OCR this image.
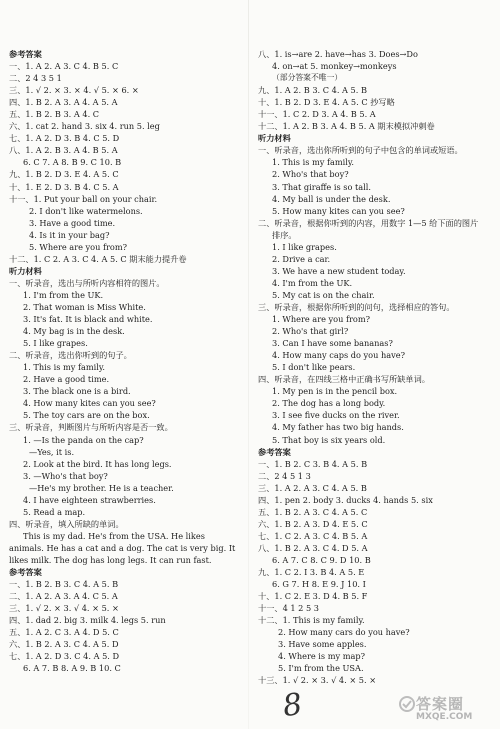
参考答案
一、1. A 2. A 3. C 4. B 5. C
二、2 4 3 5 1
三、1. √ 2. × 3. × 4. √ 5. × 6. ×
四、1. B 2. A 3. A 4. A 5. A
五、1. B 2. B 3. A 4. C
六、1. cat 2. hand 3. six 4. run 5. leg
七、1. A 2. D 3. B 4. C 5. D
八、1. A 2. B 3. A 4. B 5. A
6. C 7. A 8. B 9. C 10. B
九、1. B 2. D 3. E 4. A 5. C
十、1. E 2. D 3. B 4. C 5. A
十一、1. Put your ball on your chair.
2. I don't like watermelons.
3. Have a good time.
4. Is it in your bag?
5. Where are you from?
十二、1. C 2. A 3. C 4. A 5. C 期末能力提升卷
听力材料
一、听录音，选出与所听内容相符的图片。
1. I'm from the UK.
2. That woman is Miss White.
3. It's fat. It is black and white.
4. My bag is in the desk.
5. I like grapes.
二、听录音，选出你听到的句子。
1. This is my family.
2. Have a good time.
3. The black one is a bird.
4. How many kites can you see?
5. The toy cars are on the box.
三、听录音，判断图片与所听内容是否一致。
1. —Is the panda on the cap?
—Yes, it is.
2. Look at the bird. It has long legs.
3. —Who's that boy?
—He's my brother. He is a teacher.
4. I have eighteen strawberries.
5. Read a map.
四、听录音，填入所缺的单词。
This is my dad. He's from the USA. He likes
animals. He has a cat and a dog. The cat is very big. It
likes milk. The dog has long legs. It can run fast.
参考答案
一、1. B 2. B 3. C 4. A 5. B
二、1. A 2. A 3. A 4. C 5. A
三、1. √ 2. × 3. √ 4. × 5. ×
四、1. dad 2. big 3. milk 4. legs 5. run
五、1. A 2. C 3. A 4. D 5. C
六、1. B 2. A 3. C 4. A 5. D
七、1. A 2. D 3. C 4. A 5. D
6. A 7. B 8. A 9. B 10. C
八、1. is→are 2. have→has 3. Does→Do
4. on→at 5. monkey→monkeys
（部分答案不唯一）
九、1. A 2. B 3. C 4. A 5. B
十、1. B 2. D 3. E 4. A 5. C 抄写略
十一、1. C 2. D 3. A 4. B 5. A
十二、1. A 2. B 3. A 4. B 5. A 期末模拟冲刺卷
听力材料
一、听录音，选出你所听到的句子中包含的单词或短语。
1. This is my family.
2. Who's that boy?
3. That giraffe is so tall.
4. My ball is under the desk.
5. How many kites can you see?
二、听录音，根据你听到的内容，用数字 1—5 给下面的图片
排序。
1. I like grapes.
2. Drive a car.
3. We have a new student today.
4. I'm from the UK.
5. My cat is on the chair.
三、听录音，根据你所听到的问句，选择相应的答句。
1. Where are you from?
2. Who's that girl?
3. Can I have some bananas?
4. How many caps do you have?
5. I don't like pears.
四、听录音，在四线三格中正确书写所缺单词。
1. My pen is in the pencil box.
2. The dog has a long body.
3. I see five ducks on the river.
4. My father has two big hands.
5. That boy is six years old.
参考答案
一、1. B 2. C 3. B 4. A 5. B
二、2 4 5 1 3
三、1. A 2. A 3. C 4. A 5. B
四、1. pen 2. body 3. ducks 4. hands 5. six
五、1. B 2. A 3. C 4. A 5. C
六、1. B 2. A 3. D 4. E 5. C
七、1. C 2. A 3. C 4. B 5. A
八、1. B 2. A 3. C 4. D 5. A
6. A 7. C 8. C 9. D 10. B
九、1. C 2. I 3. B 4. A 5. E
6. G 7. H 8. E 9. J 10. I
十、1. C 2. E 3. D 4. B 5. F
十一、4 1 2 5 3
十二、1. This is my family.
2. How many cars do you have?
3. Have some apples.
4. Where is my map?
5. I'm from the USA.
十三、1. √ 2. × 3. √ 4. × 5. ×
8	答案圈
MXQE.COM
